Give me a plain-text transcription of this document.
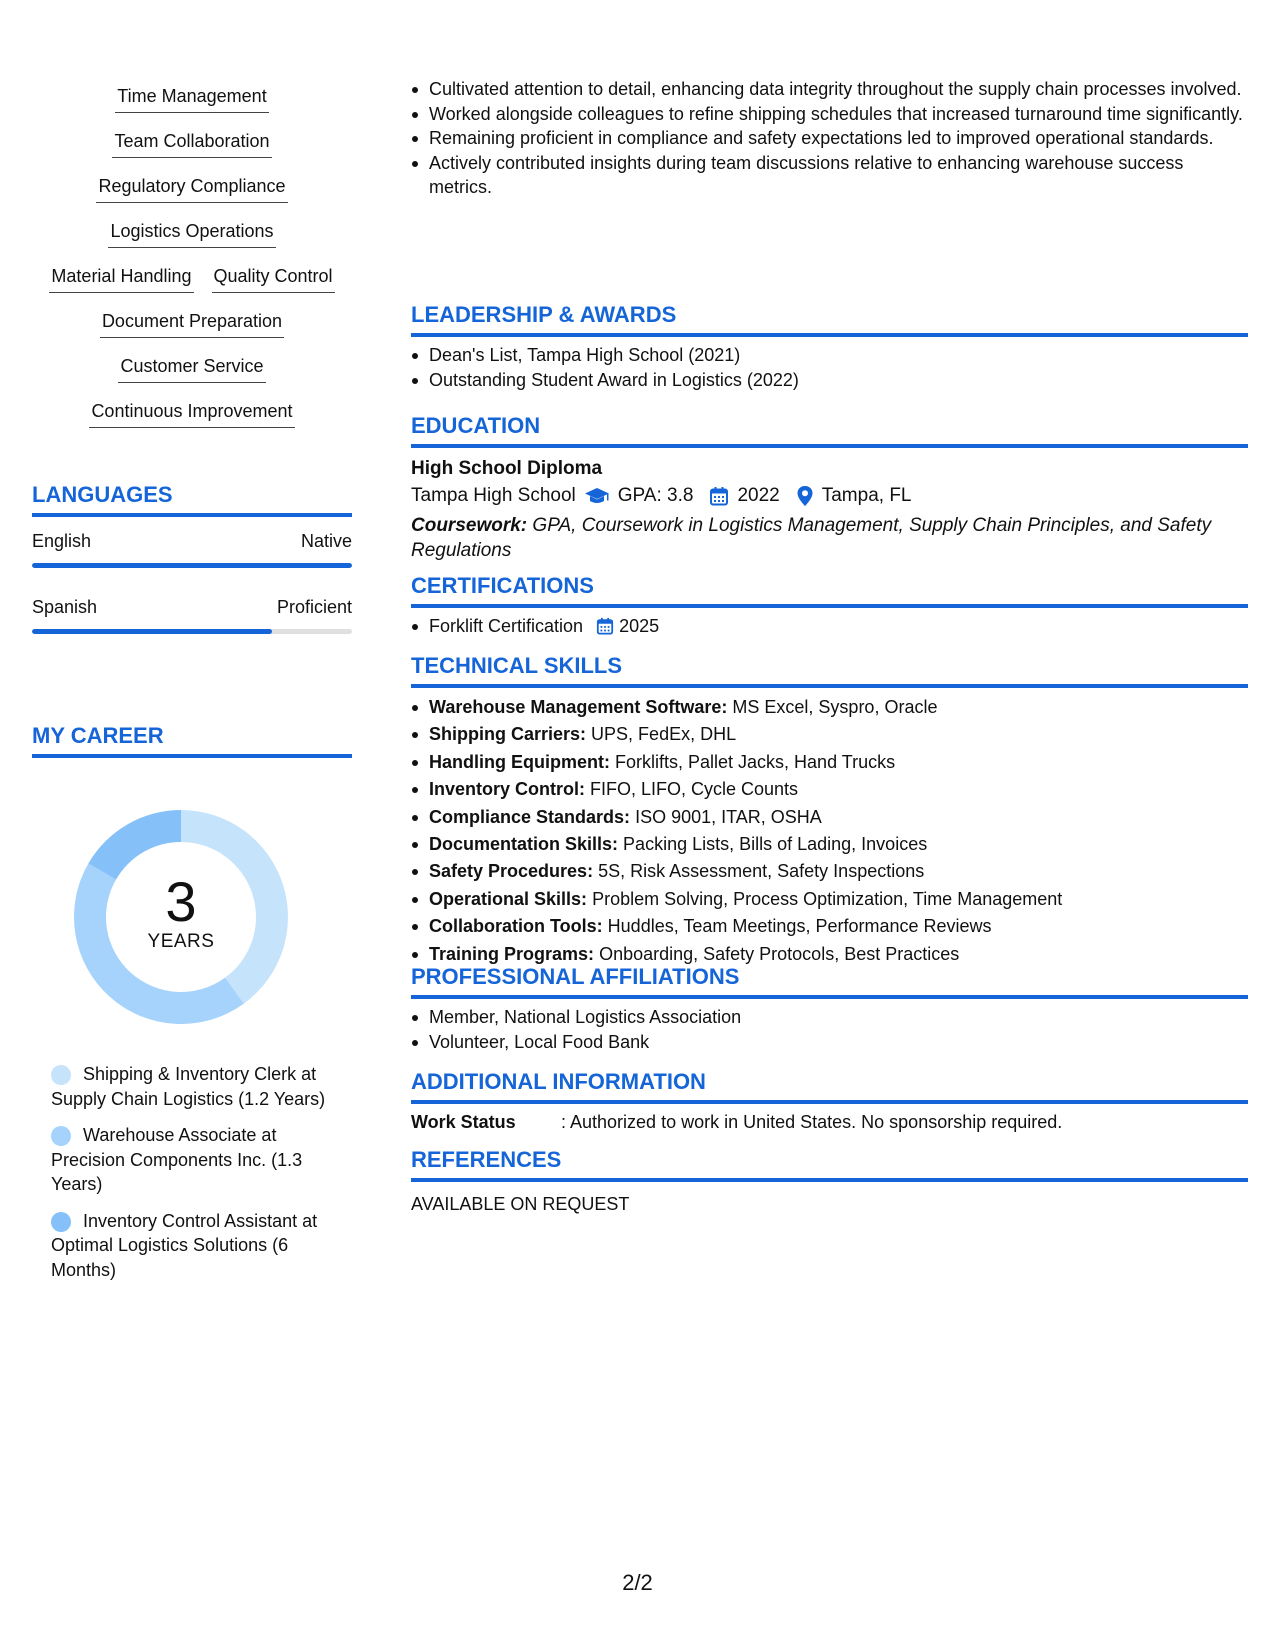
Time Management
Team Collaboration
Regulatory Compliance
Logistics Operations
Material Handling Quality Control
Document Preparation
Customer Service
Continuous Improvement
LANGUAGES
English	Native
Spanish	Proficient
MY CAREER
3
YEARS
Shipping & Inventory Clerk at Supply Chain Logistics (1.2 Years)
Warehouse Associate at Precision Components Inc. (1.3 Years)
Inventory Control Assistant at Optimal Logistics Solutions (6 Months)
Cultivated attention to detail, enhancing data integrity throughout the supply chain processes involved.
Worked alongside colleagues to refine shipping schedules that increased turnaround time significantly.
Remaining proficient in compliance and safety expectations led to improved operational standards.
Actively contributed insights during team discussions relative to enhancing warehouse success metrics.
LEADERSHIP & AWARDS
Dean's List, Tampa High School (2021)
Outstanding Student Award in Logistics (2022)
EDUCATION
High School Diploma
Tampa High School GPA: 3.8 2022 Tampa, FL
Coursework: GPA, Coursework in Logistics Management, Supply Chain Principles, and Safety Regulations
CERTIFICATIONS
Forklift Certification 2025
TECHNICAL SKILLS
Warehouse Management Software: MS Excel, Syspro, Oracle
Shipping Carriers: UPS, FedEx, DHL
Handling Equipment: Forklifts, Pallet Jacks, Hand Trucks
Inventory Control: FIFO, LIFO, Cycle Counts
Compliance Standards: ISO 9001, ITAR, OSHA
Documentation Skills: Packing Lists, Bills of Lading, Invoices
Safety Procedures: 5S, Risk Assessment, Safety Inspections
Operational Skills: Problem Solving, Process Optimization, Time Management
Collaboration Tools: Huddles, Team Meetings, Performance Reviews
Training Programs: Onboarding, Safety Protocols, Best Practices
PROFESSIONAL AFFILIATIONS
Member, National Logistics Association
Volunteer, Local Food Bank
ADDITIONAL INFORMATION
Work Status	: Authorized to work in United States. No sponsorship required.
REFERENCES
AVAILABLE ON REQUEST
2/2
